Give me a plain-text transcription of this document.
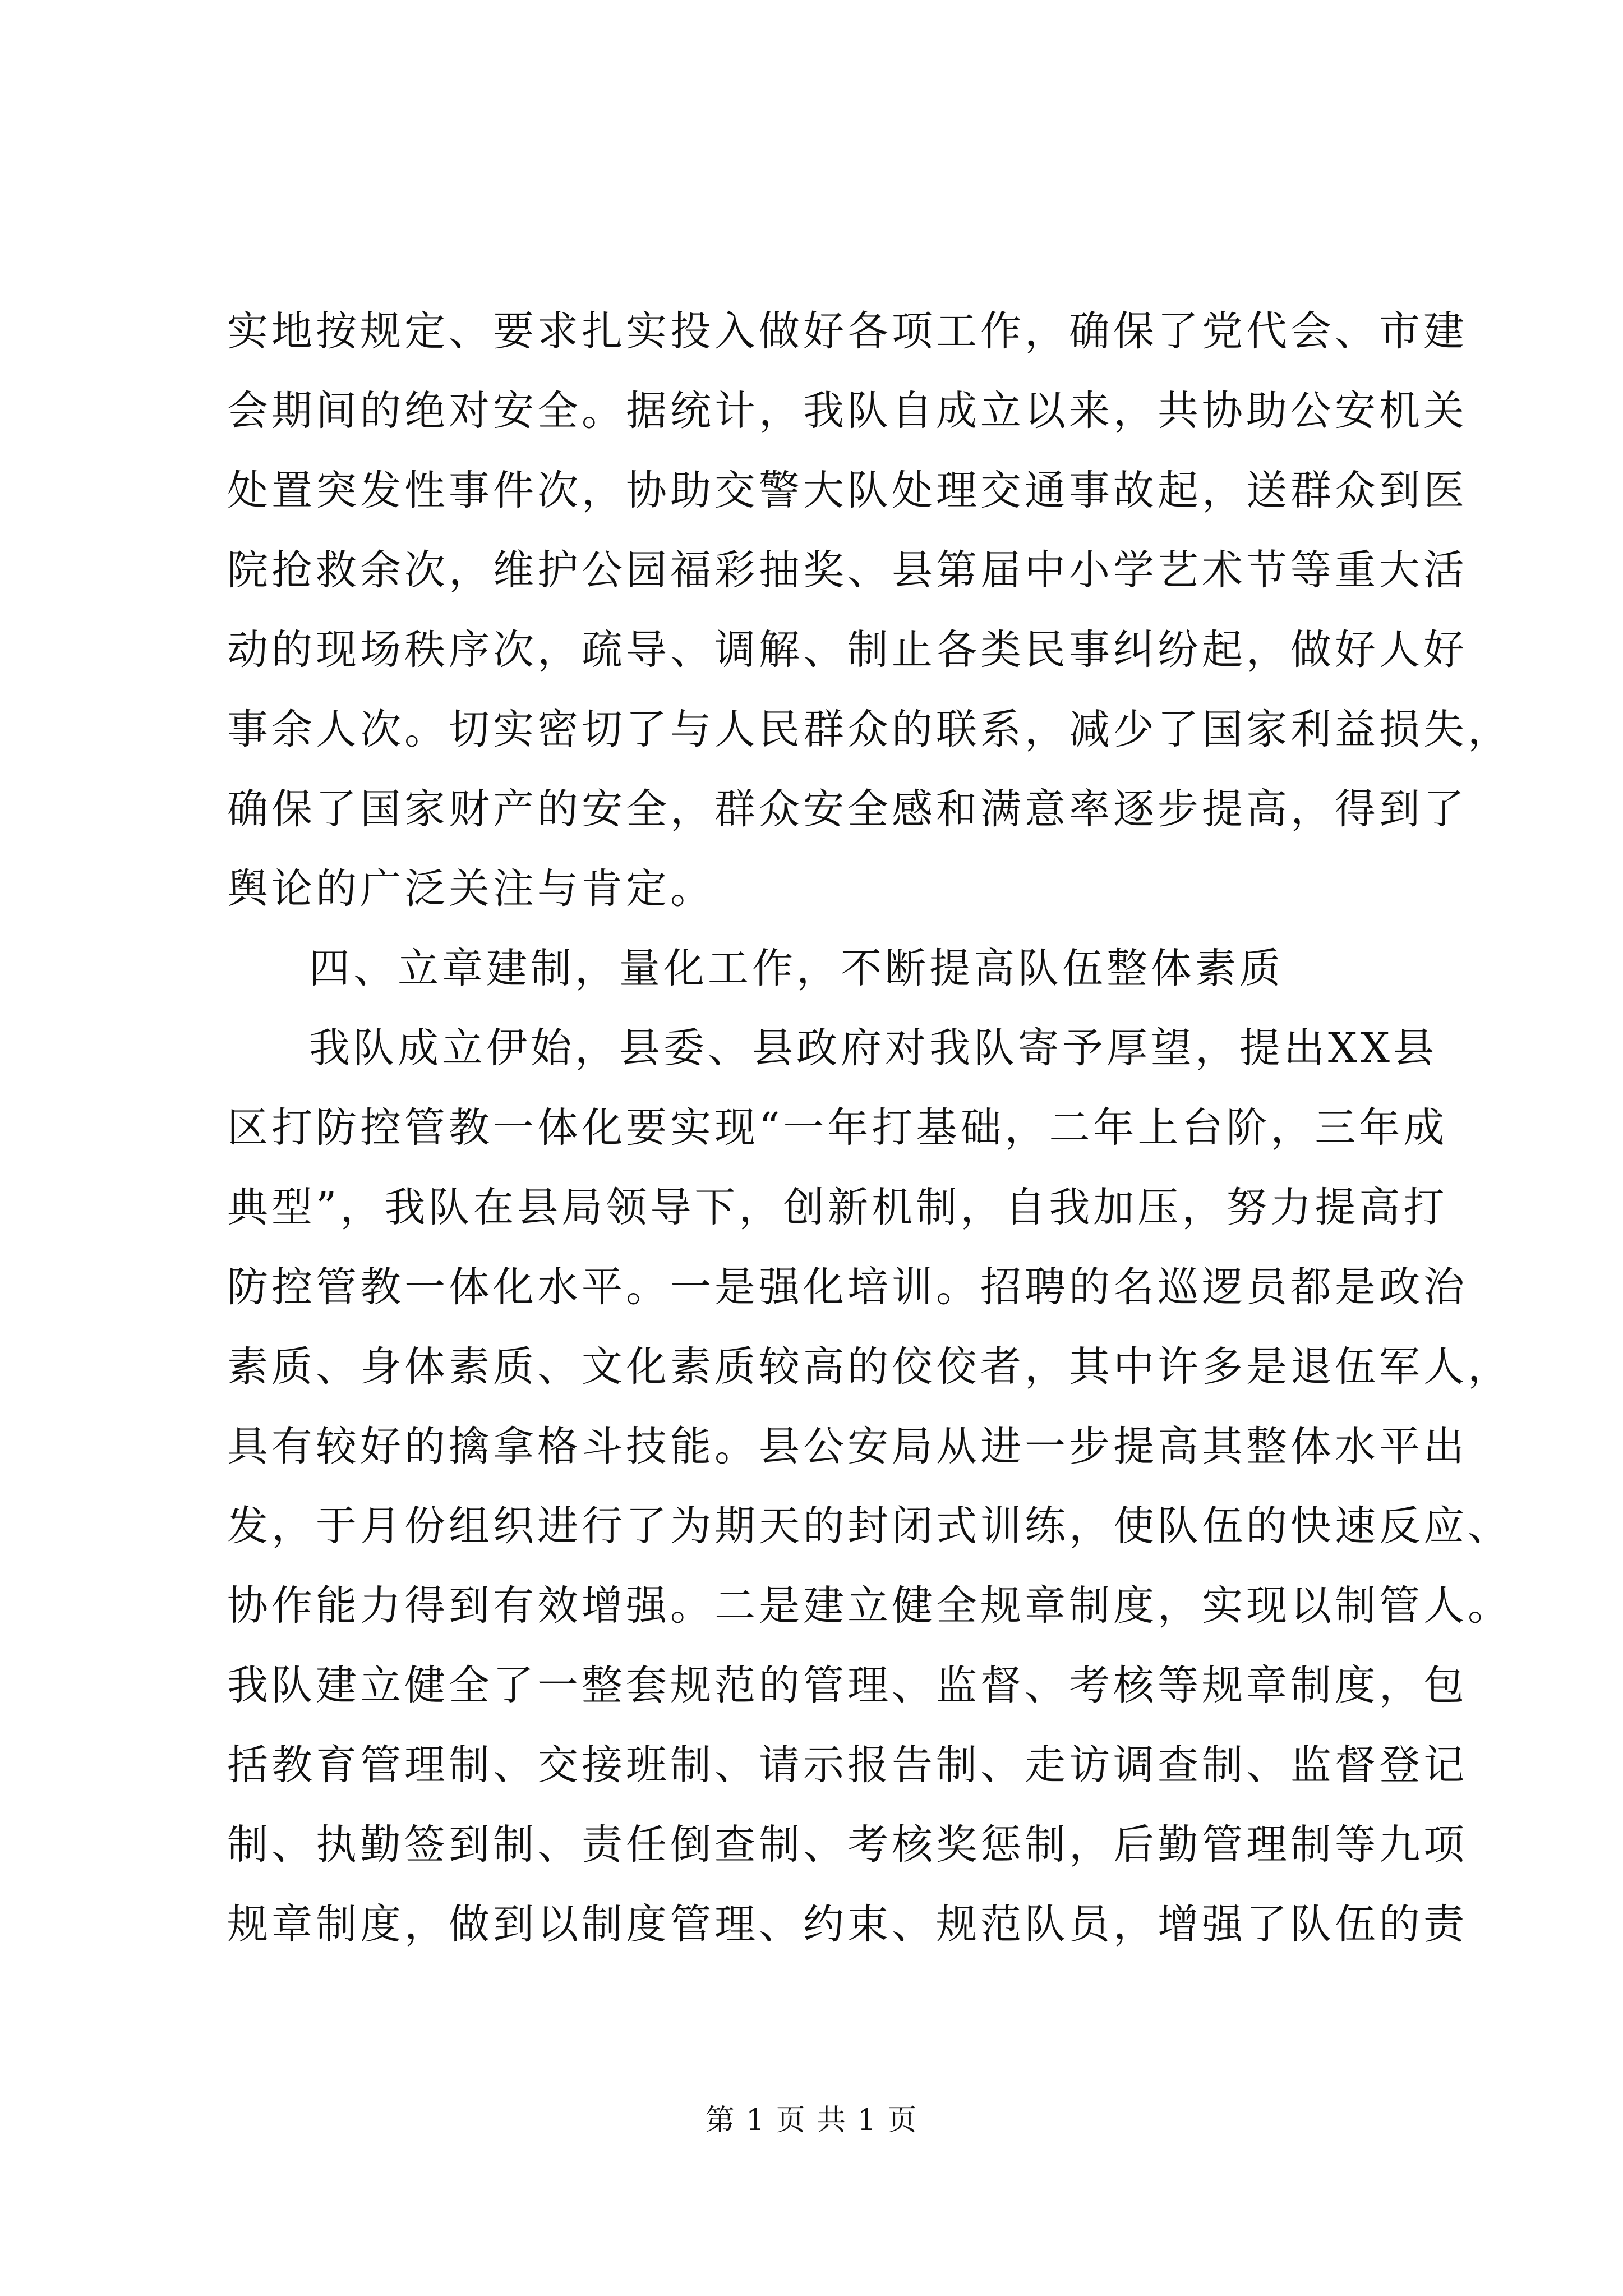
实地按规定、要求扎实投入做好各项工作，确保了党代会、市建
会期间的绝对安全。据统计，我队自成立以来，共协助公安机关
处置突发性事件次，协助交警大队处理交通事故起，送群众到医
院抢救余次，维护公园福彩抽奖、县第届中小学艺术节等重大活
动的现场秩序次，疏导、调解、制止各类民事纠纷起，做好人好
事余人次。切实密切了与人民群众的联系，减少了国家利益损失，
确保了国家财产的安全，群众安全感和满意率逐步提高，得到了
舆论的广泛关注与肯定。
四、立章建制，量化工作，不断提高队伍整体素质
我队成立伊始，县委、县政府对我队寄予厚望，提出XX县
区打防控管教一体化要实现“一年打基础，二年上台阶，三年成
典型”，我队在县局领导下，创新机制，自我加压，努力提高打
防控管教一体化水平。一是强化培训。招聘的名巡逻员都是政治
素质、身体素质、文化素质较高的佼佼者，其中许多是退伍军人，
具有较好的擒拿格斗技能。县公安局从进一步提高其整体水平出
发，于月份组织进行了为期天的封闭式训练，使队伍的快速反应、
协作能力得到有效增强。二是建立健全规章制度，实现以制管人。
我队建立健全了一整套规范的管理、监督、考核等规章制度，包
括教育管理制、交接班制、请示报告制、走访调查制、监督登记
制、执勤签到制、责任倒查制、考核奖惩制，后勤管理制等九项
规章制度，做到以制度管理、约束、规范队员，增强了队伍的责
第 1 页 共 1 页
